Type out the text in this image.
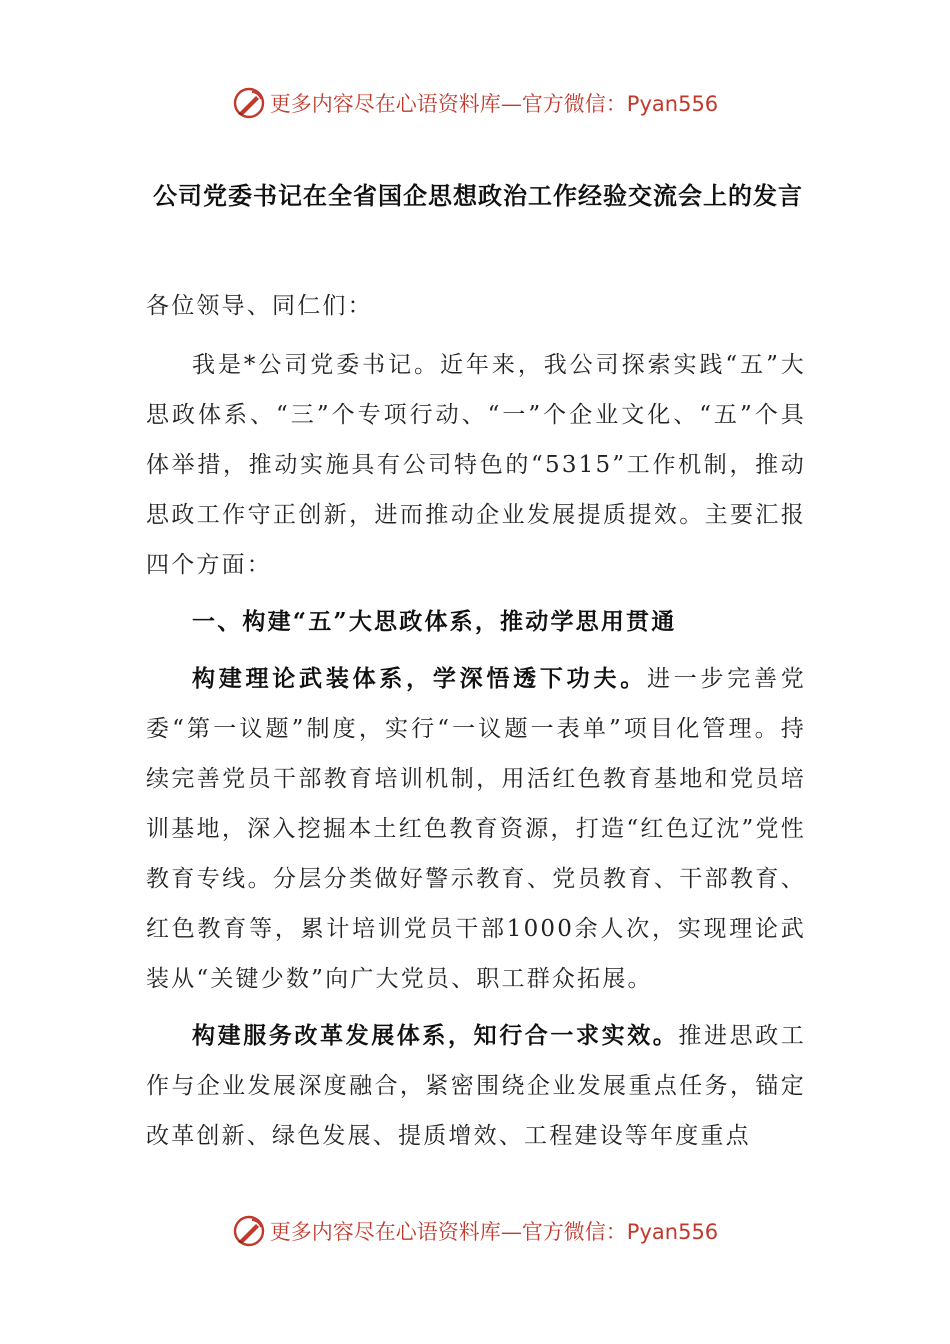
更多内容尽在心语资料库—官方微信：Pyan556
公司党委书记在全省国企思想政治工作经验交流会上的发言

各位领导、同仁们：

我是*公司党委书记。近年来，我公司探索实践“五”大思政体系、“三”个专项行动、“一”个企业文化、“五”个具体举措，推动实施具有公司特色的“5315”工作机制，推动思政工作守正创新，进而推动企业发展提质提效。主要汇报四个方面：

一、构建“五”大思政体系，推动学思用贯通

构建理论武装体系，学深悟透下功夫。进一步完善党委“第一议题”制度，实行“一议题一表单”项目化管理。持续完善党员干部教育培训机制，用活红色教育基地和党员培训基地，深入挖掘本土红色教育资源，打造“红色辽沈”党性教育专线。分层分类做好警示教育、党员教育、干部教育、红色教育等，累计培训党员干部1000余人次，实现理论武装从“关键少数”向广大党员、职工群众拓展。

构建服务改革发展体系，知行合一求实效。推进思政工作与企业发展深度融合，紧密围绕企业发展重点任务，锚定改革创新、绿色发展、提质增效、工程建设等年度重点

更多内容尽在心语资料库—官方微信：Pyan556
